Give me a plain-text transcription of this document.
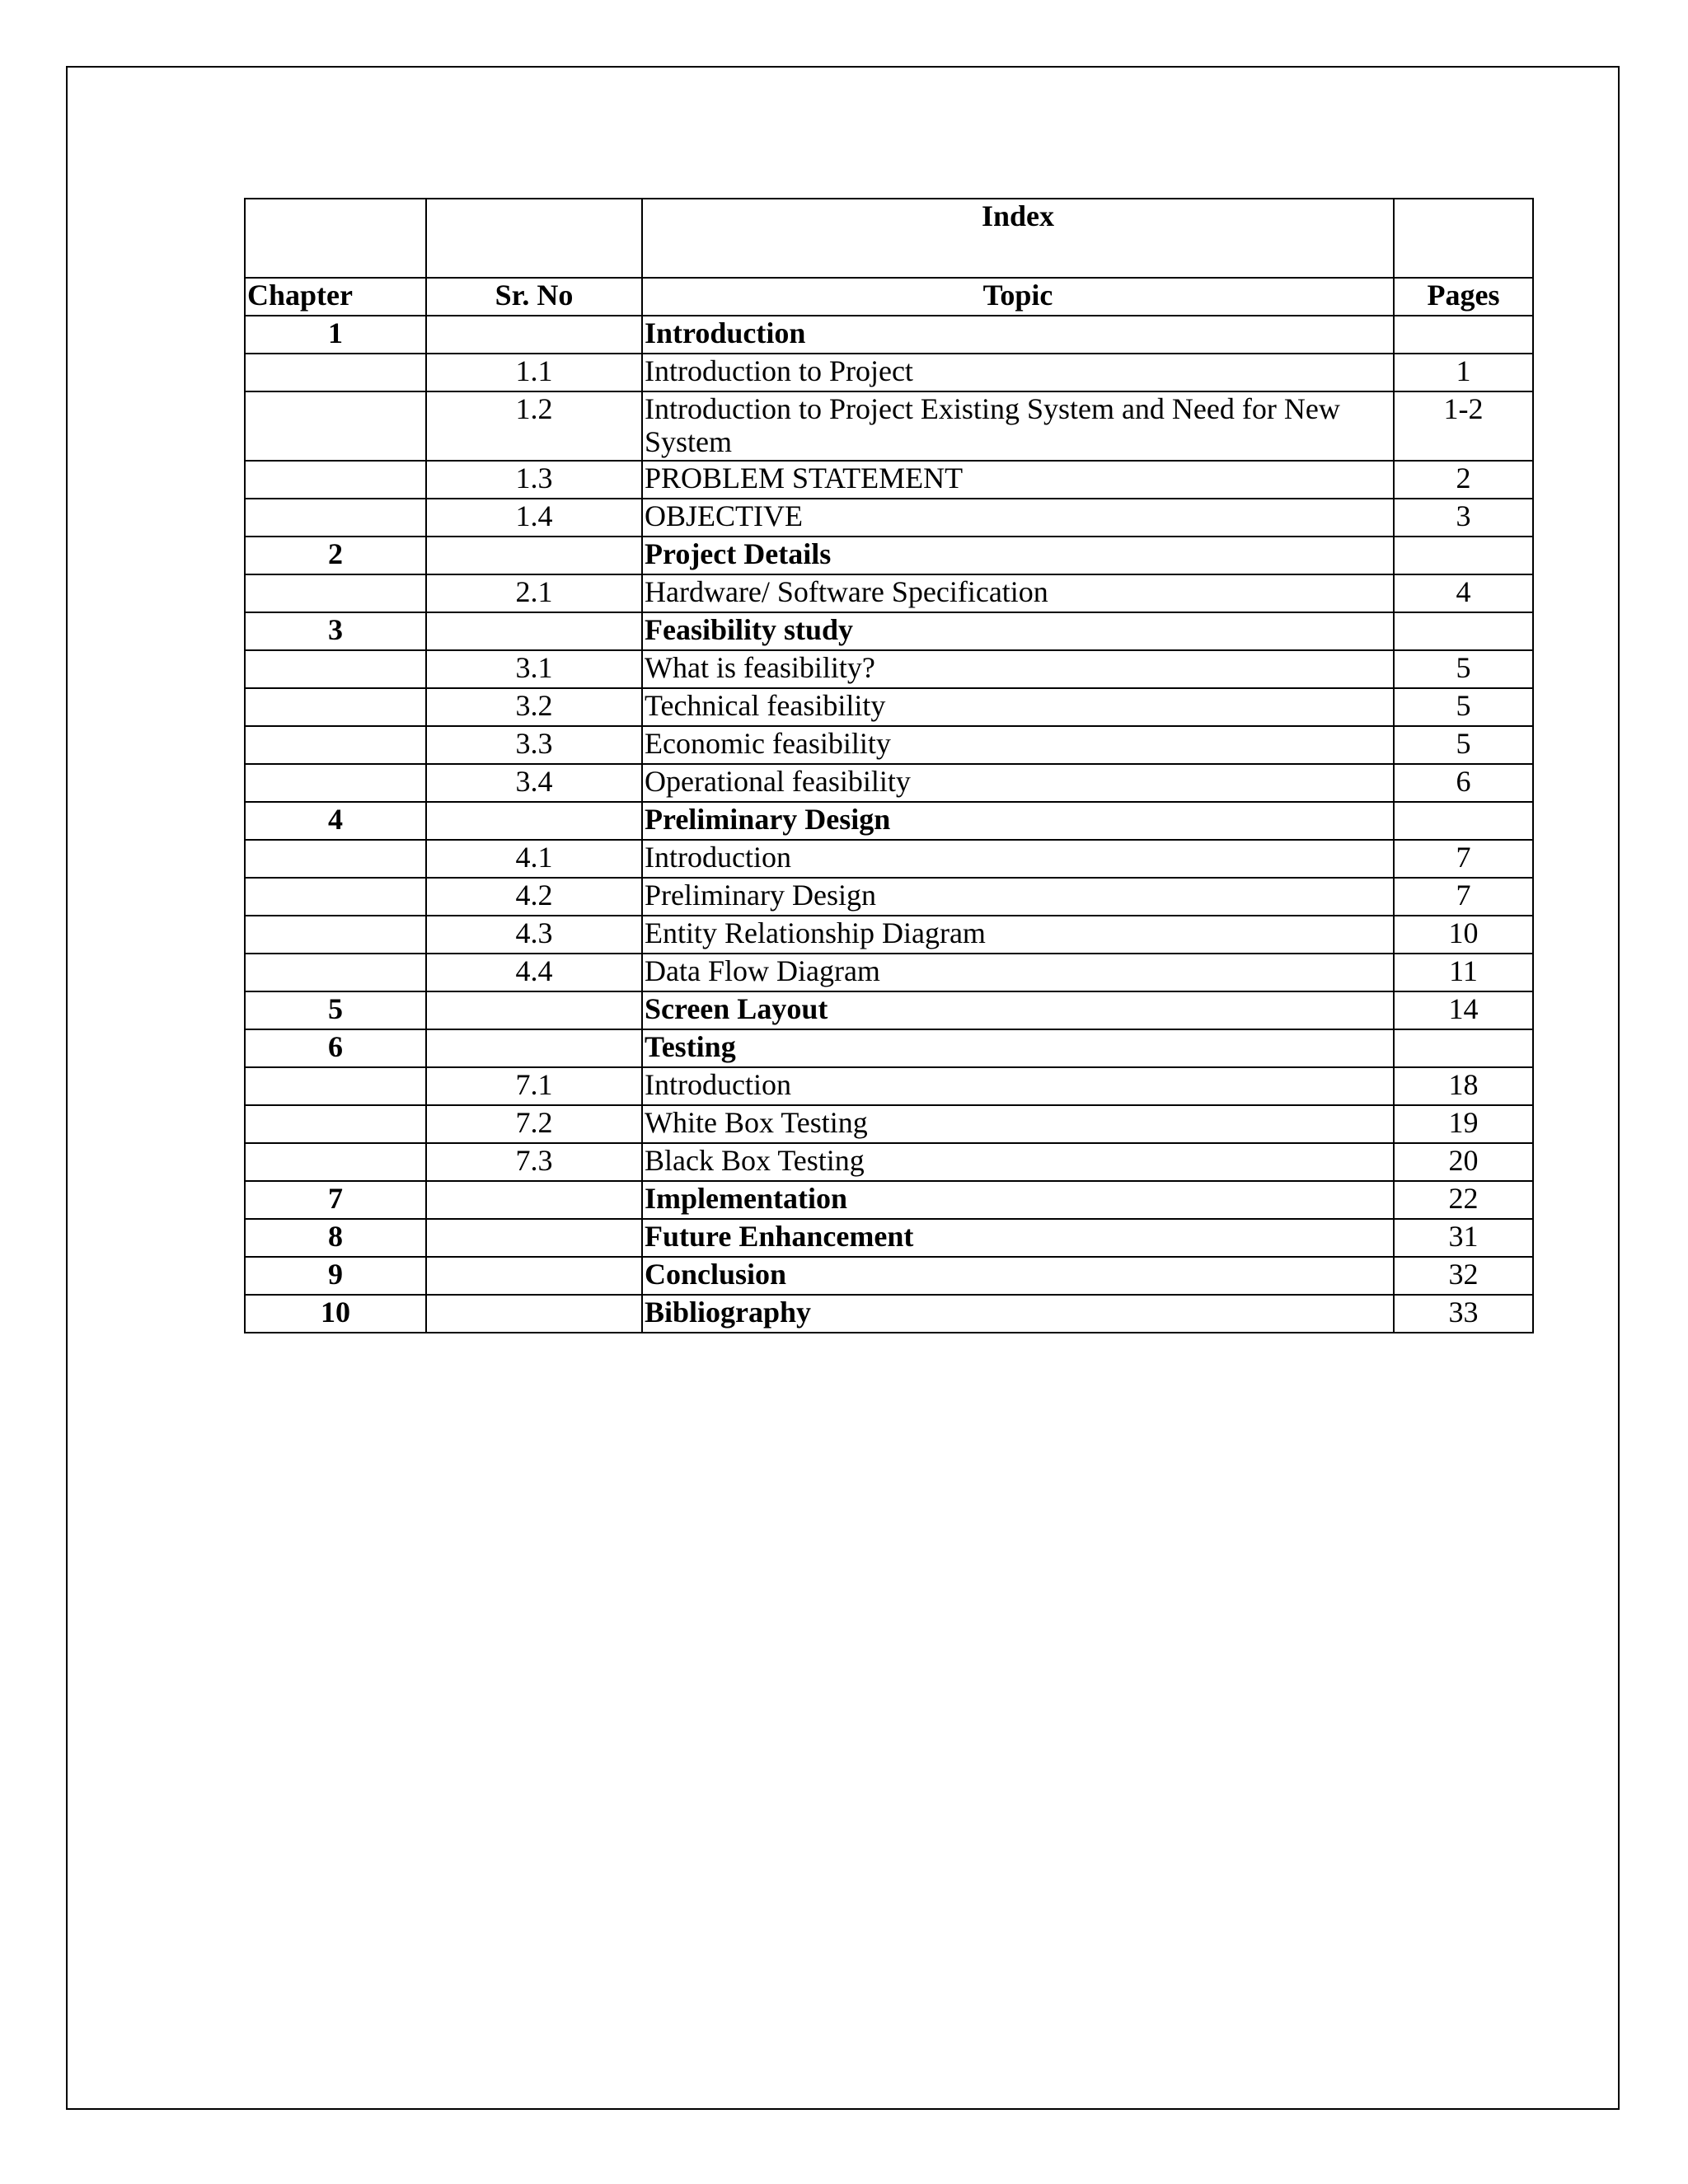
		Index	
Chapter	Sr. No	Topic	Pages
1		Introduction	
	1.1	Introduction to Project	1
	1.2	Introduction to Project Existing System and Need for New System	1-2
	1.3	PROBLEM STATEMENT	2
	1.4	OBJECTIVE	3
2		Project Details	
	2.1	Hardware/ Software Specification	4
3		Feasibility study	
	3.1	What is feasibility?	5
	3.2	Technical feasibility	5
	3.3	Economic feasibility	5
	3.4	Operational feasibility	6
4		Preliminary Design	
	4.1	Introduction	7
	4.2	Preliminary Design	7
	4.3	Entity Relationship Diagram	10
	4.4	Data Flow Diagram	11
5		Screen Layout	14
6		Testing	
	7.1	Introduction	18
	7.2	White Box Testing	19
	7.3	Black Box Testing	20
7		Implementation	22
8		Future Enhancement	31
9		Conclusion	32
10		Bibliography	33
